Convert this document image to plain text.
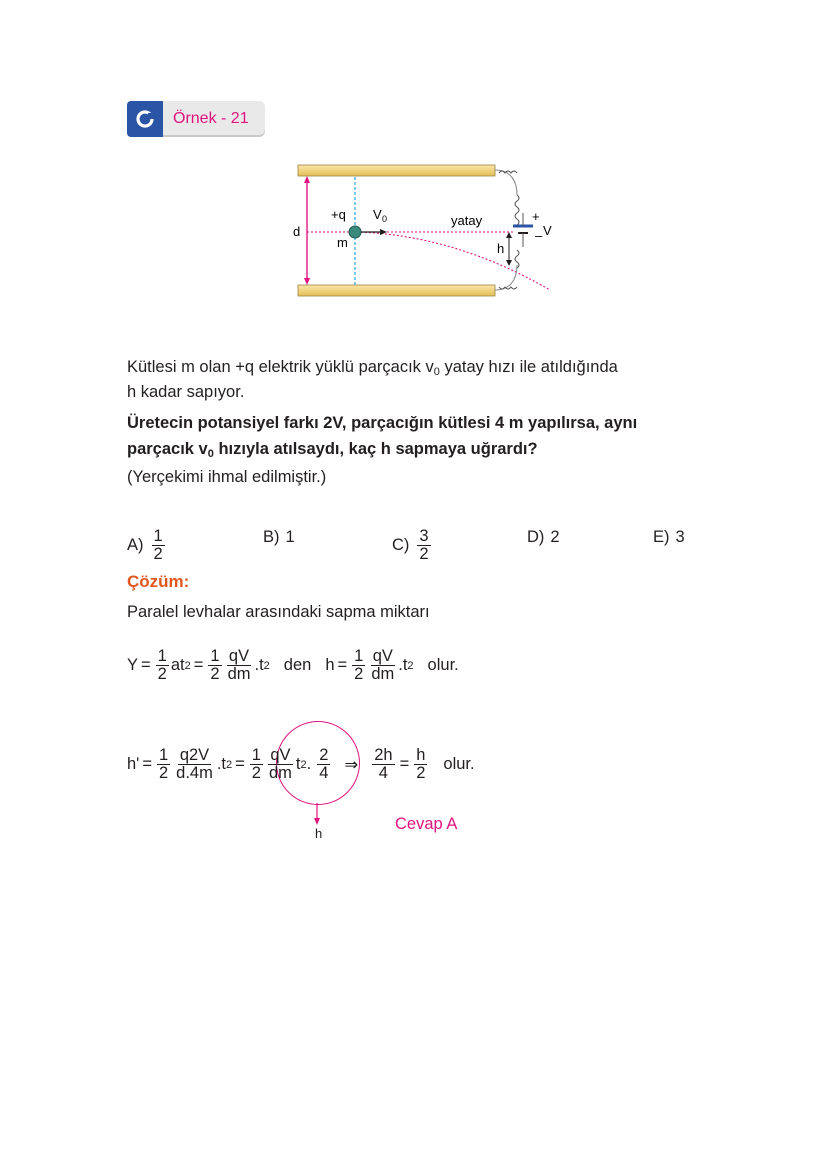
Örnek - 21
+q V 0
m
d
yatay
h
+
– V
Kütlesi m olan +q elektrik yüklü parçacık $v_0$ yatay hızı ile atıldığında
h kadar sapıyor.
Üretecin potansiyel farkı 2V, parçacığın kütlesi 4 m yapılırsa, aynı
parçacık $v_0$ hızıyla atılsaydı, kaç h sapmaya uğrardı?
(Yerçekimi ihmal edilmiştir.)
$A) \frac{1}{2}$	B) 1	$C) \frac{3}{2}$	D) 2	E) 3
Çözüm:
Paralel levhalar arasındaki sapma miktarı
$Y = \frac{1}{2}$ at $2 = \frac{1}{2} \frac{qV}{dm} .t$ 2 den $h = \frac{1}{2} \frac{qV}{dm} .t$ 2 olur.
h
$h' = \frac{1}{2} \frac{q2V}{d.4m} .t$ $2 = \frac{1}{2} \frac{qV}{dm}$ t 2 . $\frac{2}{4}$ ⇒ $\frac{2h}{4} = \frac{h}{2}$ olur.
Cevap A
